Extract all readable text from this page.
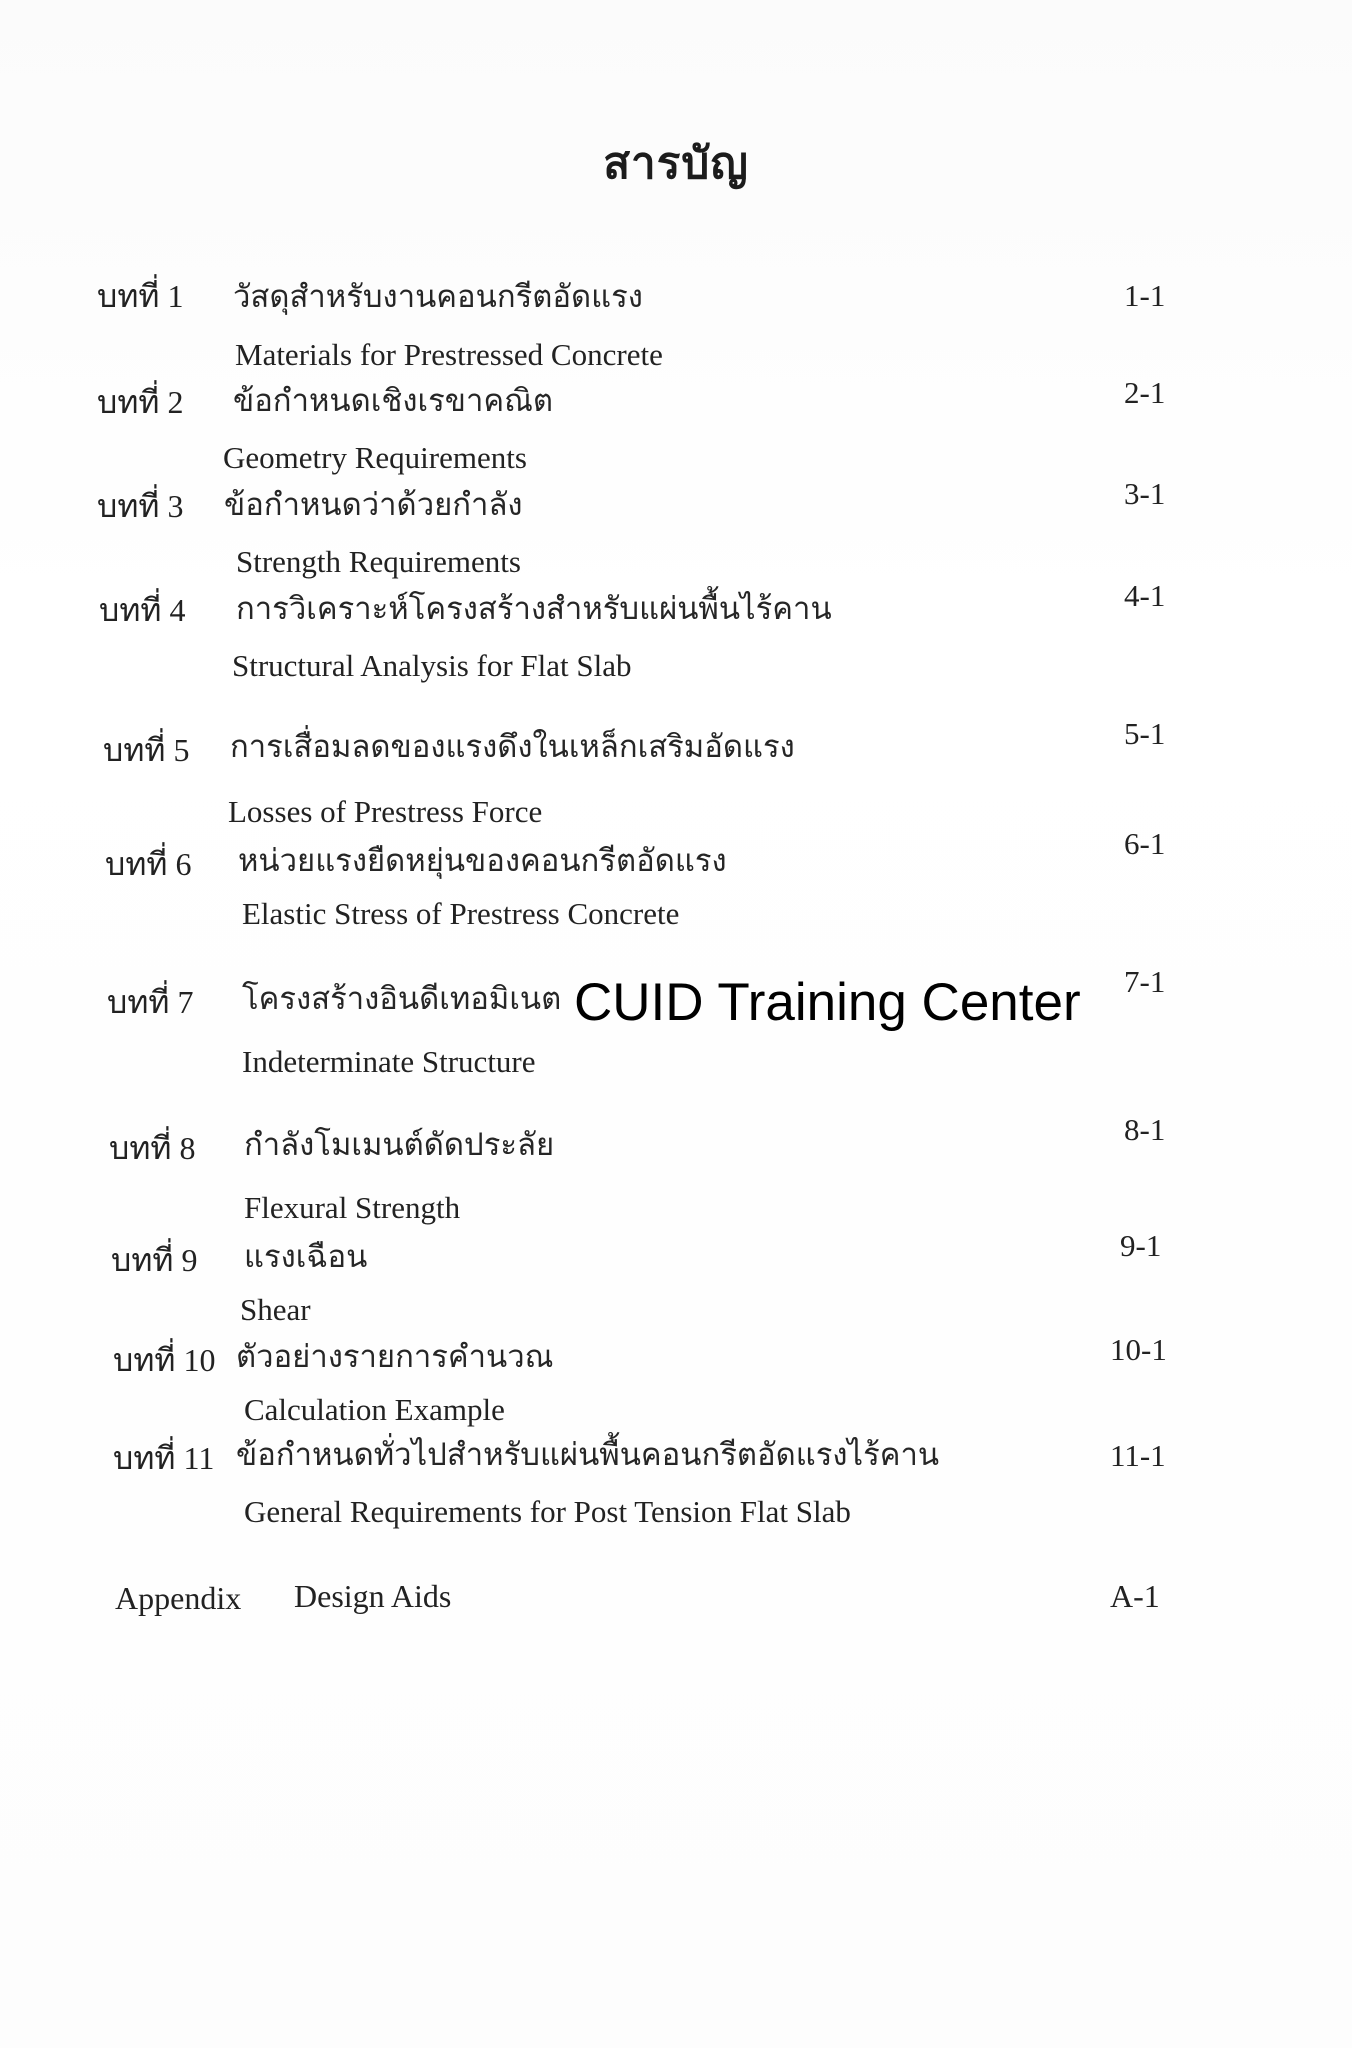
สารบัญ
บทที่ 1 วัสดุสำหรับงานคอนกรีตอัดแรง
Materials for Prestressed Concrete
1-1
บทที่ 2 ข้อกำหนดเชิงเรขาคณิต
Geometry Requirements
2-1
บทที่ 3 ข้อกำหนดว่าด้วยกำลัง
Strength Requirements
3-1
บทที่ 4 การวิเคราะห์โครงสร้างสำหรับแผ่นพื้นไร้คาน
Structural Analysis for Flat Slab
4-1
บทที่ 5 การเสื่อมลดของแรงดึงในเหล็กเสริมอัดแรง
Losses of Prestress Force
5-1
บทที่ 6 หน่วยแรงยืดหยุ่นของคอนกรีตอัดแรง
Elastic Stress of Prestress Concrete
6-1
บทที่ 7 โครงสร้างอินดีเทอมิเนต
Indeterminate Structure
7-1
บทที่ 8 กำลังโมเมนต์ดัดประลัย
Flexural Strength
8-1
บทที่ 9 แรงเฉือน
Shear
9-1
บทที่ 10 ตัวอย่างรายการคำนวณ
Calculation Example
10-1
บทที่ 11 ข้อกำหนดทั่วไปสำหรับแผ่นพื้นคอนกรีตอัดแรงไร้คาน
General Requirements for Post Tension Flat Slab
11-1
Appendix Design Aids	A-1
CUID Training Center
